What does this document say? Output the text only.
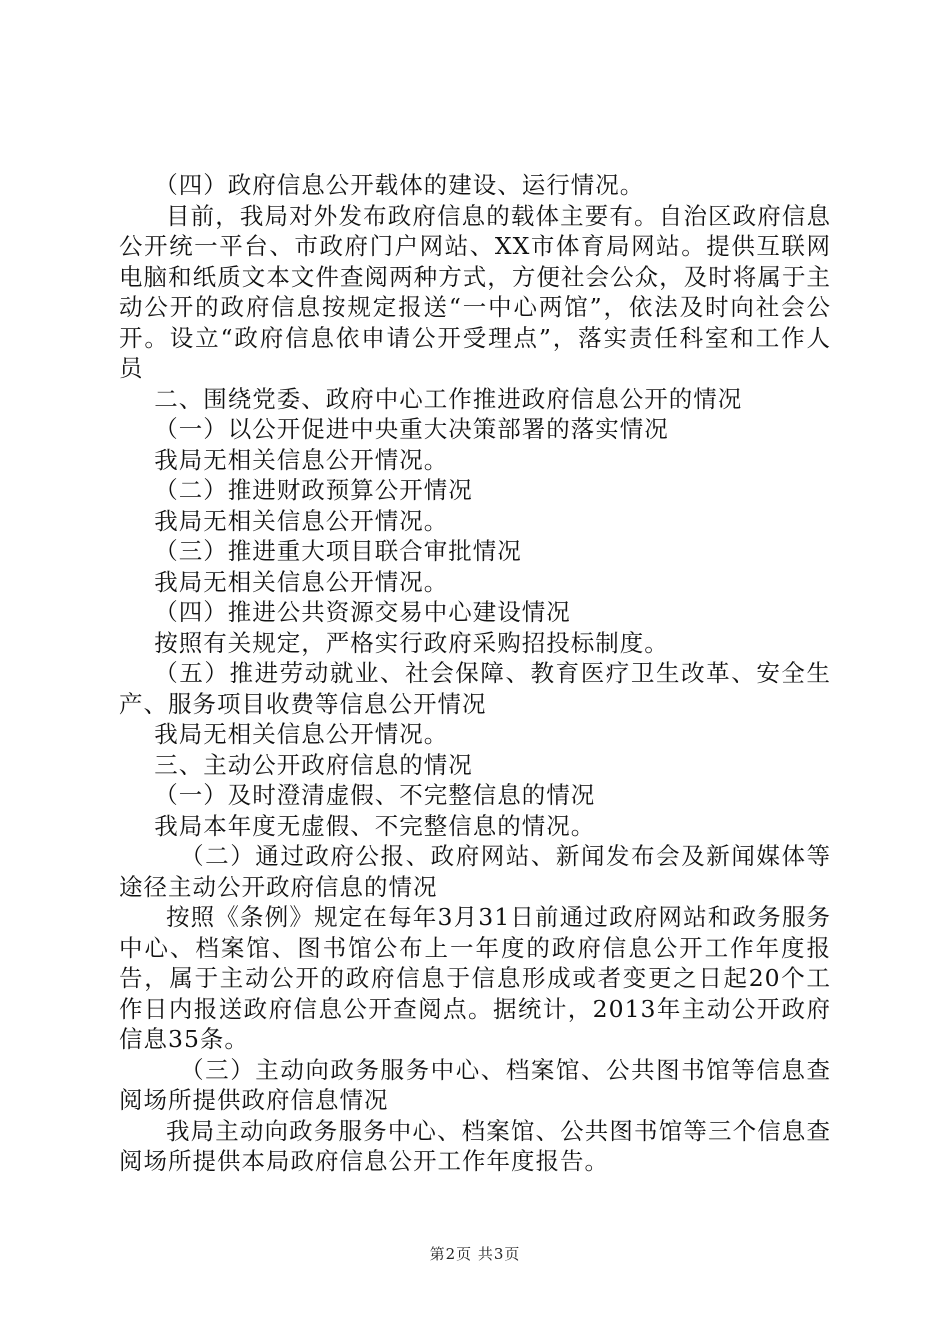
（四）政府信息公开载体的建设、运行情况。

目前，我局对外发布政府信息的载体主要有。自治区政府信息公开统一平台、市政府门户网站、XX市体育局网站。提供互联网电脑和纸质文本文件查阅两种方式，方便社会公众，及时将属于主动公开的政府信息按规定报送“一中心两馆”，依法及时向社会公开。设立“政府信息依申请公开受理点”，落实责任科室和工作人员

二、围绕党委、政府中心工作推进政府信息公开的情况

（一）以公开促进中央重大决策部署的落实情况

我局无相关信息公开情况。

（二）推进财政预算公开情况

我局无相关信息公开情况。

（三）推进重大项目联合审批情况

我局无相关信息公开情况。

（四）推进公共资源交易中心建设情况

按照有关规定，严格实行政府采购招投标制度。

（五）推进劳动就业、社会保障、教育医疗卫生改革、安全生产、服务项目收费等信息公开情况

我局无相关信息公开情况。

三、主动公开政府信息的情况

（一）及时澄清虚假、不完整信息的情况

我局本年度无虚假、不完整信息的情况。

（二）通过政府公报、政府网站、新闻发布会及新闻媒体等途径主动公开政府信息的情况

按照《条例》规定在每年3月31日前通过政府网站和政务服务中心、档案馆、图书馆公布上一年度的政府信息公开工作年度报告，属于主动公开的政府信息于信息形成或者变更之日起20个工作日内报送政府信息公开查阅点。据统计，2013年主动公开政府信息35条。

（三）主动向政务服务中心、档案馆、公共图书馆等信息查阅场所提供政府信息情况

我局主动向政务服务中心、档案馆、公共图书馆等三个信息查阅场所提供本局政府信息公开工作年度报告。

第2页 共3页
